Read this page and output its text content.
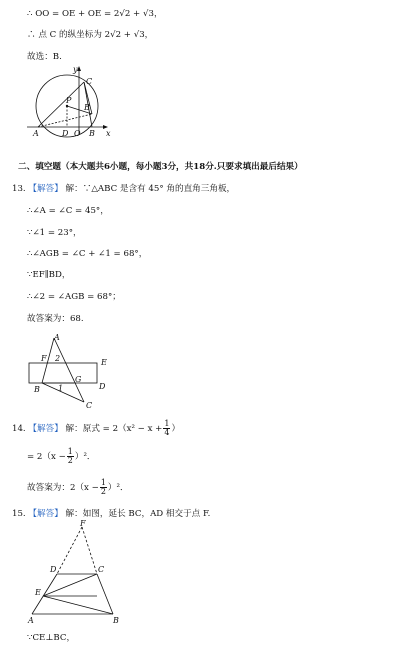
∴ OO = OE + OE = 2√2 + √3，
∴ 点 C 的纵坐标为 2√2 + √3，
故选：B.
y
C
P
B
A	D O B x
二、填空题（本大题共6小题，每小题3分，共18分.只要求填出最后结果）
13. 【解答】 解：∵△ABC 是含有 45° 角的直角三角板，
∴∠A = ∠C = 45°，
∵∠1 = 23°，
∴∠AGB = ∠C + ∠1 = 68°，
∵EF∥BD，
∴∠2 = ∠AGB = 68°；
故答案为：68.
A
F 2	E
G
B 1	D
C
14. 【解答】 解：原式 = $2(x^2 - x + \frac{1}{4}$ ）
= $2(x - \frac{1}{2} )^2$．
故答案为：$2(x - \frac{1}{2} )^2$．
15. 【解答】 解：如图，延长 BC，AD 相交于点 F.
F
D	C
E
A	B
∵CE⊥BC，
